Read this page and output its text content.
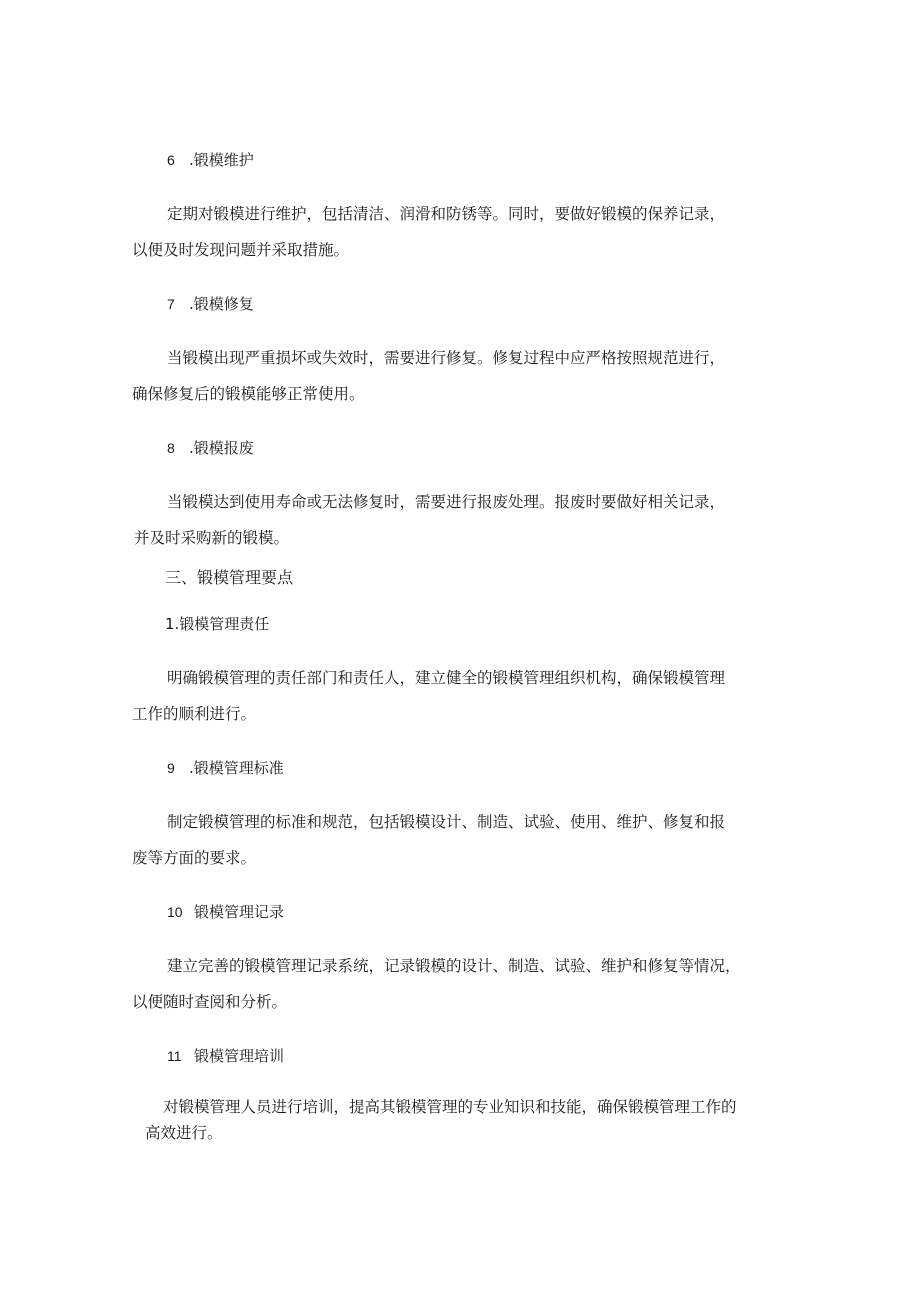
6 .锻模维护
定期对锻模进行维护，包括清洁、润滑和防锈等。同时，要做好锻模的保养记录，
以便及时发现问题并采取措施。
7 .锻模修复
当锻模出现严重损坏或失效时，需要进行修复。修复过程中应严格按照规范进行，
确保修复后的锻模能够正常使用。
8 .锻模报废
当锻模达到使用寿命或无法修复时，需要进行报废处理。报废时要做好相关记录，
并及时采购新的锻模。
三、锻模管理要点
1.锻模管理责任
明确锻模管理的责任部门和责任人，建立健全的锻模管理组织机构，确保锻模管理
工作的顺利进行。
9 .锻模管理标准
制定锻模管理的标准和规范，包括锻模设计、制造、试验、使用、维护、修复和报
废等方面的要求。
10 锻模管理记录
建立完善的锻模管理记录系统，记录锻模的设计、制造、试验、维护和修复等情况，
以便随时查阅和分析。
11 锻模管理培训
对锻模管理人员进行培训，提高其锻模管理的专业知识和技能，确保锻模管理工作的
高效进行。
